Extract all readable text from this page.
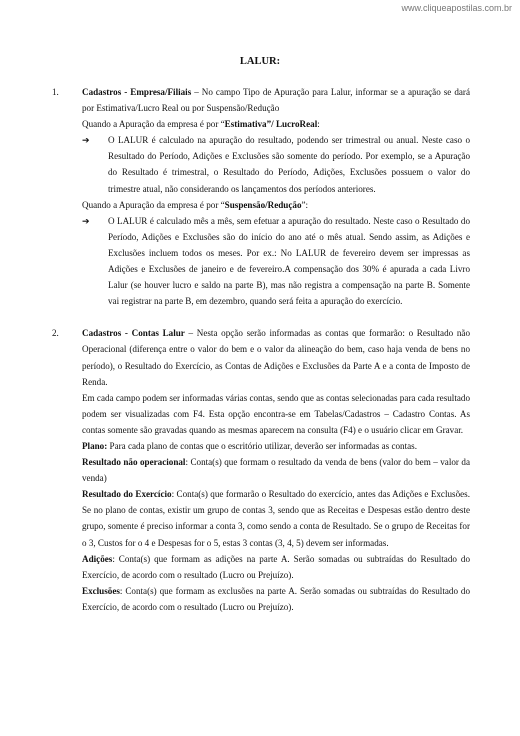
www.cliqueapostilas.com.br
LALUR:
1.	Cadastros - Empresa/Filiais – No campo Tipo de Apuração para Lalur, informar se a apuração se dará por Estimativa/Lucro Real ou por Suspensão/Redução

Quando a Apuração da empresa é por “Estimativa”/ LucroReal:

➔ O LALUR é calculado na apuração do resultado, podendo ser trimestral ou anual. Neste caso o Resultado do Período, Adições e Exclusões são somente do período. Por exemplo, se a Apuração do Resultado é trimestral, o Resultado do Período, Adições, Exclusões possuem o valor do trimestre atual, não considerando os lançamentos dos períodos anteriores.

Quando a Apuração da empresa é por “Suspensão/Redução”:

➔ O LALUR é calculado mês a mês, sem efetuar a apuração do resultado. Neste caso o Resultado do Período, Adições e Exclusões são do início do ano até o mês atual. Sendo assim, as Adições e Exclusões incluem todos os meses. Por ex.: No LALUR de fevereiro devem ser impressas as Adições e Exclusões de janeiro e de fevereiro.A compensação dos 30% é apurada a cada Livro Lalur (se houver lucro e saldo na parte B), mas não registra a compensação na parte B. Somente vai registrar na parte B, em dezembro, quando será feita a apuração do exercício.

2.	Cadastros - Contas Lalur – Nesta opção serão informadas as contas que formarão: o Resultado não Operacional (diferença entre o valor do bem e o valor da alineação do bem, caso haja venda de bens no período), o Resultado do Exercício, as Contas de Adições e Exclusões da Parte A e a conta de Imposto de Renda.

Em cada campo podem ser informadas várias contas, sendo que as contas selecionadas para cada resultado podem ser visualizadas com F4. Esta opção encontra-se em Tabelas/Cadastros – Cadastro Contas. As contas somente são gravadas quando as mesmas aparecem na consulta (F4) e o usuário clicar em Gravar.

Plano: Para cada plano de contas que o escritório utilizar, deverão ser informadas as contas.

Resultado não operacional: Conta(s) que formam o resultado da venda de bens (valor do bem – valor da venda)

Resultado do Exercício: Conta(s) que formarão o Resultado do exercício, antes das Adições e Exclusões. Se no plano de contas, existir um grupo de contas 3, sendo que as Receitas e Despesas estão dentro deste grupo, somente é preciso informar a conta 3, como sendo a conta de Resultado. Se o grupo de Receitas for o 3, Custos for o 4 e Despesas for o 5, estas 3 contas (3, 4, 5) devem ser informadas.

Adições: Conta(s) que formam as adições na parte A. Serão somadas ou subtraídas do Resultado do Exercício, de acordo com o resultado (Lucro ou Prejuízo).

Exclusões: Conta(s) que formam as exclusões na parte A. Serão somadas ou subtraídas do Resultado do Exercício, de acordo com o resultado (Lucro ou Prejuízo).
